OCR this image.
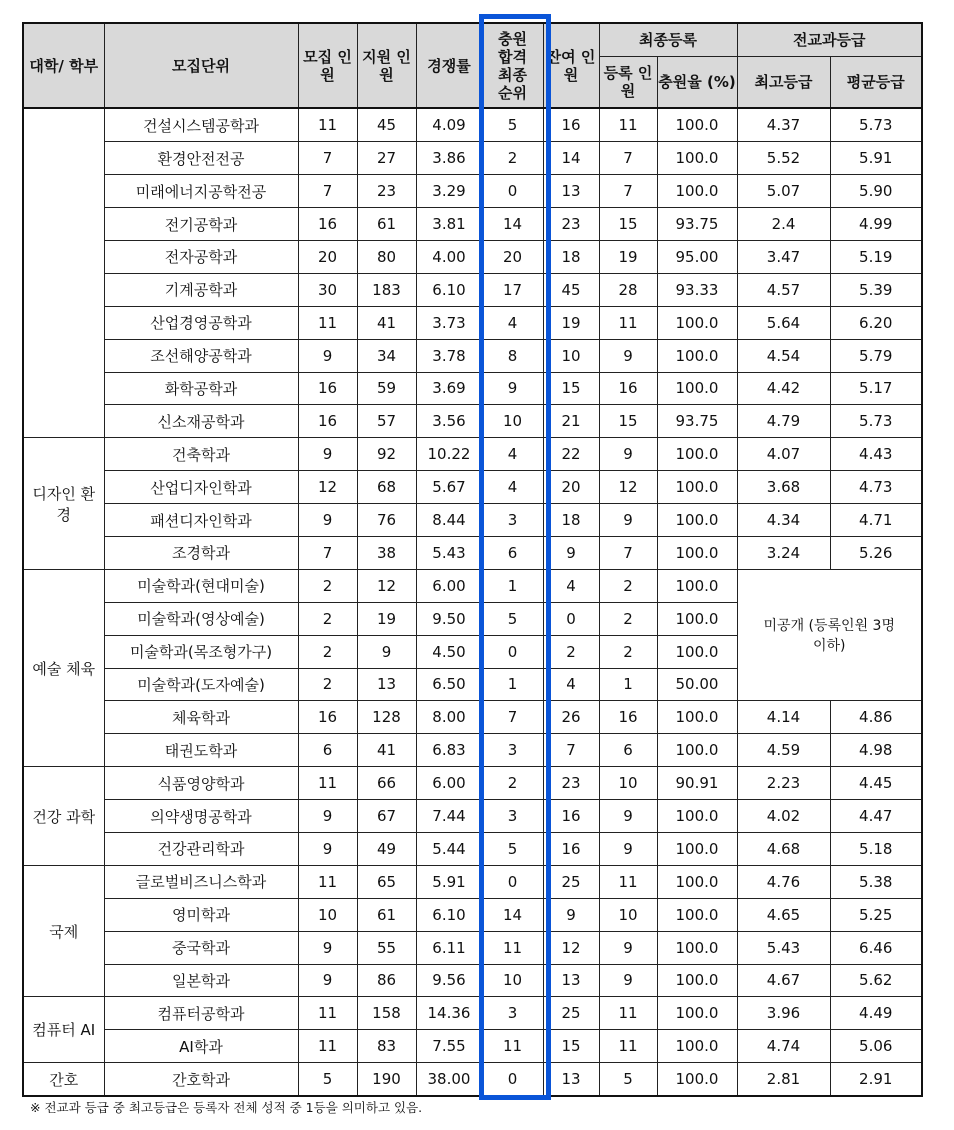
대학/ 학부	모집단위	모집 인원	지원 인원	경쟁률	충원 합격 최종 순위	잔여 인원	최종등록		전교과등급	
							등록 인원	충원율 (%)	최고등급	평균등급
	건설시스템공학과	11	45	4.09	5	16	11	100.0	4.37	5.73
	환경안전전공	7	27	3.86	2	14	7	100.0	5.52	5.91
	미래에너지공학전공	7	23	3.29	0	13	7	100.0	5.07	5.90
	전기공학과	16	61	3.81	14	23	15	93.75	2.4	4.99
	전자공학과	20	80	4.00	20	18	19	95.00	3.47	5.19
	기계공학과	30	183	6.10	17	45	28	93.33	4.57	5.39
	산업경영공학과	11	41	3.73	4	19	11	100.0	5.64	6.20
	조선해양공학과	9	34	3.78	8	10	9	100.0	4.54	5.79
	화학공학과	16	59	3.69	9	15	16	100.0	4.42	5.17
	신소재공학과	16	57	3.56	10	21	15	93.75	4.79	5.73
디자인 환경	건축학과	9	92	10.22	4	22	9	100.0	4.07	4.43
	산업디자인학과	12	68	5.67	4	20	12	100.0	3.68	4.73
	패션디자인학과	9	76	8.44	3	18	9	100.0	4.34	4.71
	조경학과	7	38	5.43	6	9	7	100.0	3.24	5.26
예술 체육	미술학과(현대미술)	2	12	6.00	1	4	2	100.0	미공개 (등록인원 3명 이하)	
	미술학과(영상예술)	2	19	9.50	5	0	2	100.0		
	미술학과(목조형가구)	2	9	4.50	0	2	2	100.0		
	미술학과(도자예술)	2	13	6.50	1	4	1	50.00		
	체육학과	16	128	8.00	7	26	16	100.0	4.14	4.86
	태권도학과	6	41	6.83	3	7	6	100.0	4.59	4.98
건강 과학	식품영양학과	11	66	6.00	2	23	10	90.91	2.23	4.45
	의약생명공학과	9	67	7.44	3	16	9	100.0	4.02	4.47
	건강관리학과	9	49	5.44	5	16	9	100.0	4.68	5.18
국제	글로벌비즈니스학과	11	65	5.91	0	25	11	100.0	4.76	5.38
	영미학과	10	61	6.10	14	9	10	100.0	4.65	5.25
	중국학과	9	55	6.11	11	12	9	100.0	5.43	6.46
	일본학과	9	86	9.56	10	13	9	100.0	4.67	5.62
컴퓨터 AI	컴퓨터공학과	11	158	14.36	3	25	11	100.0	3.96	4.49
	AI학과	11	83	7.55	11	15	11	100.0	4.74	5.06
간호	간호학과	5	190	38.00	0	13	5	100.0	2.81	2.91
※ 전교과 등급 중 최고등급은 등록자 전체 성적 중 1등을 의미하고 있음.
